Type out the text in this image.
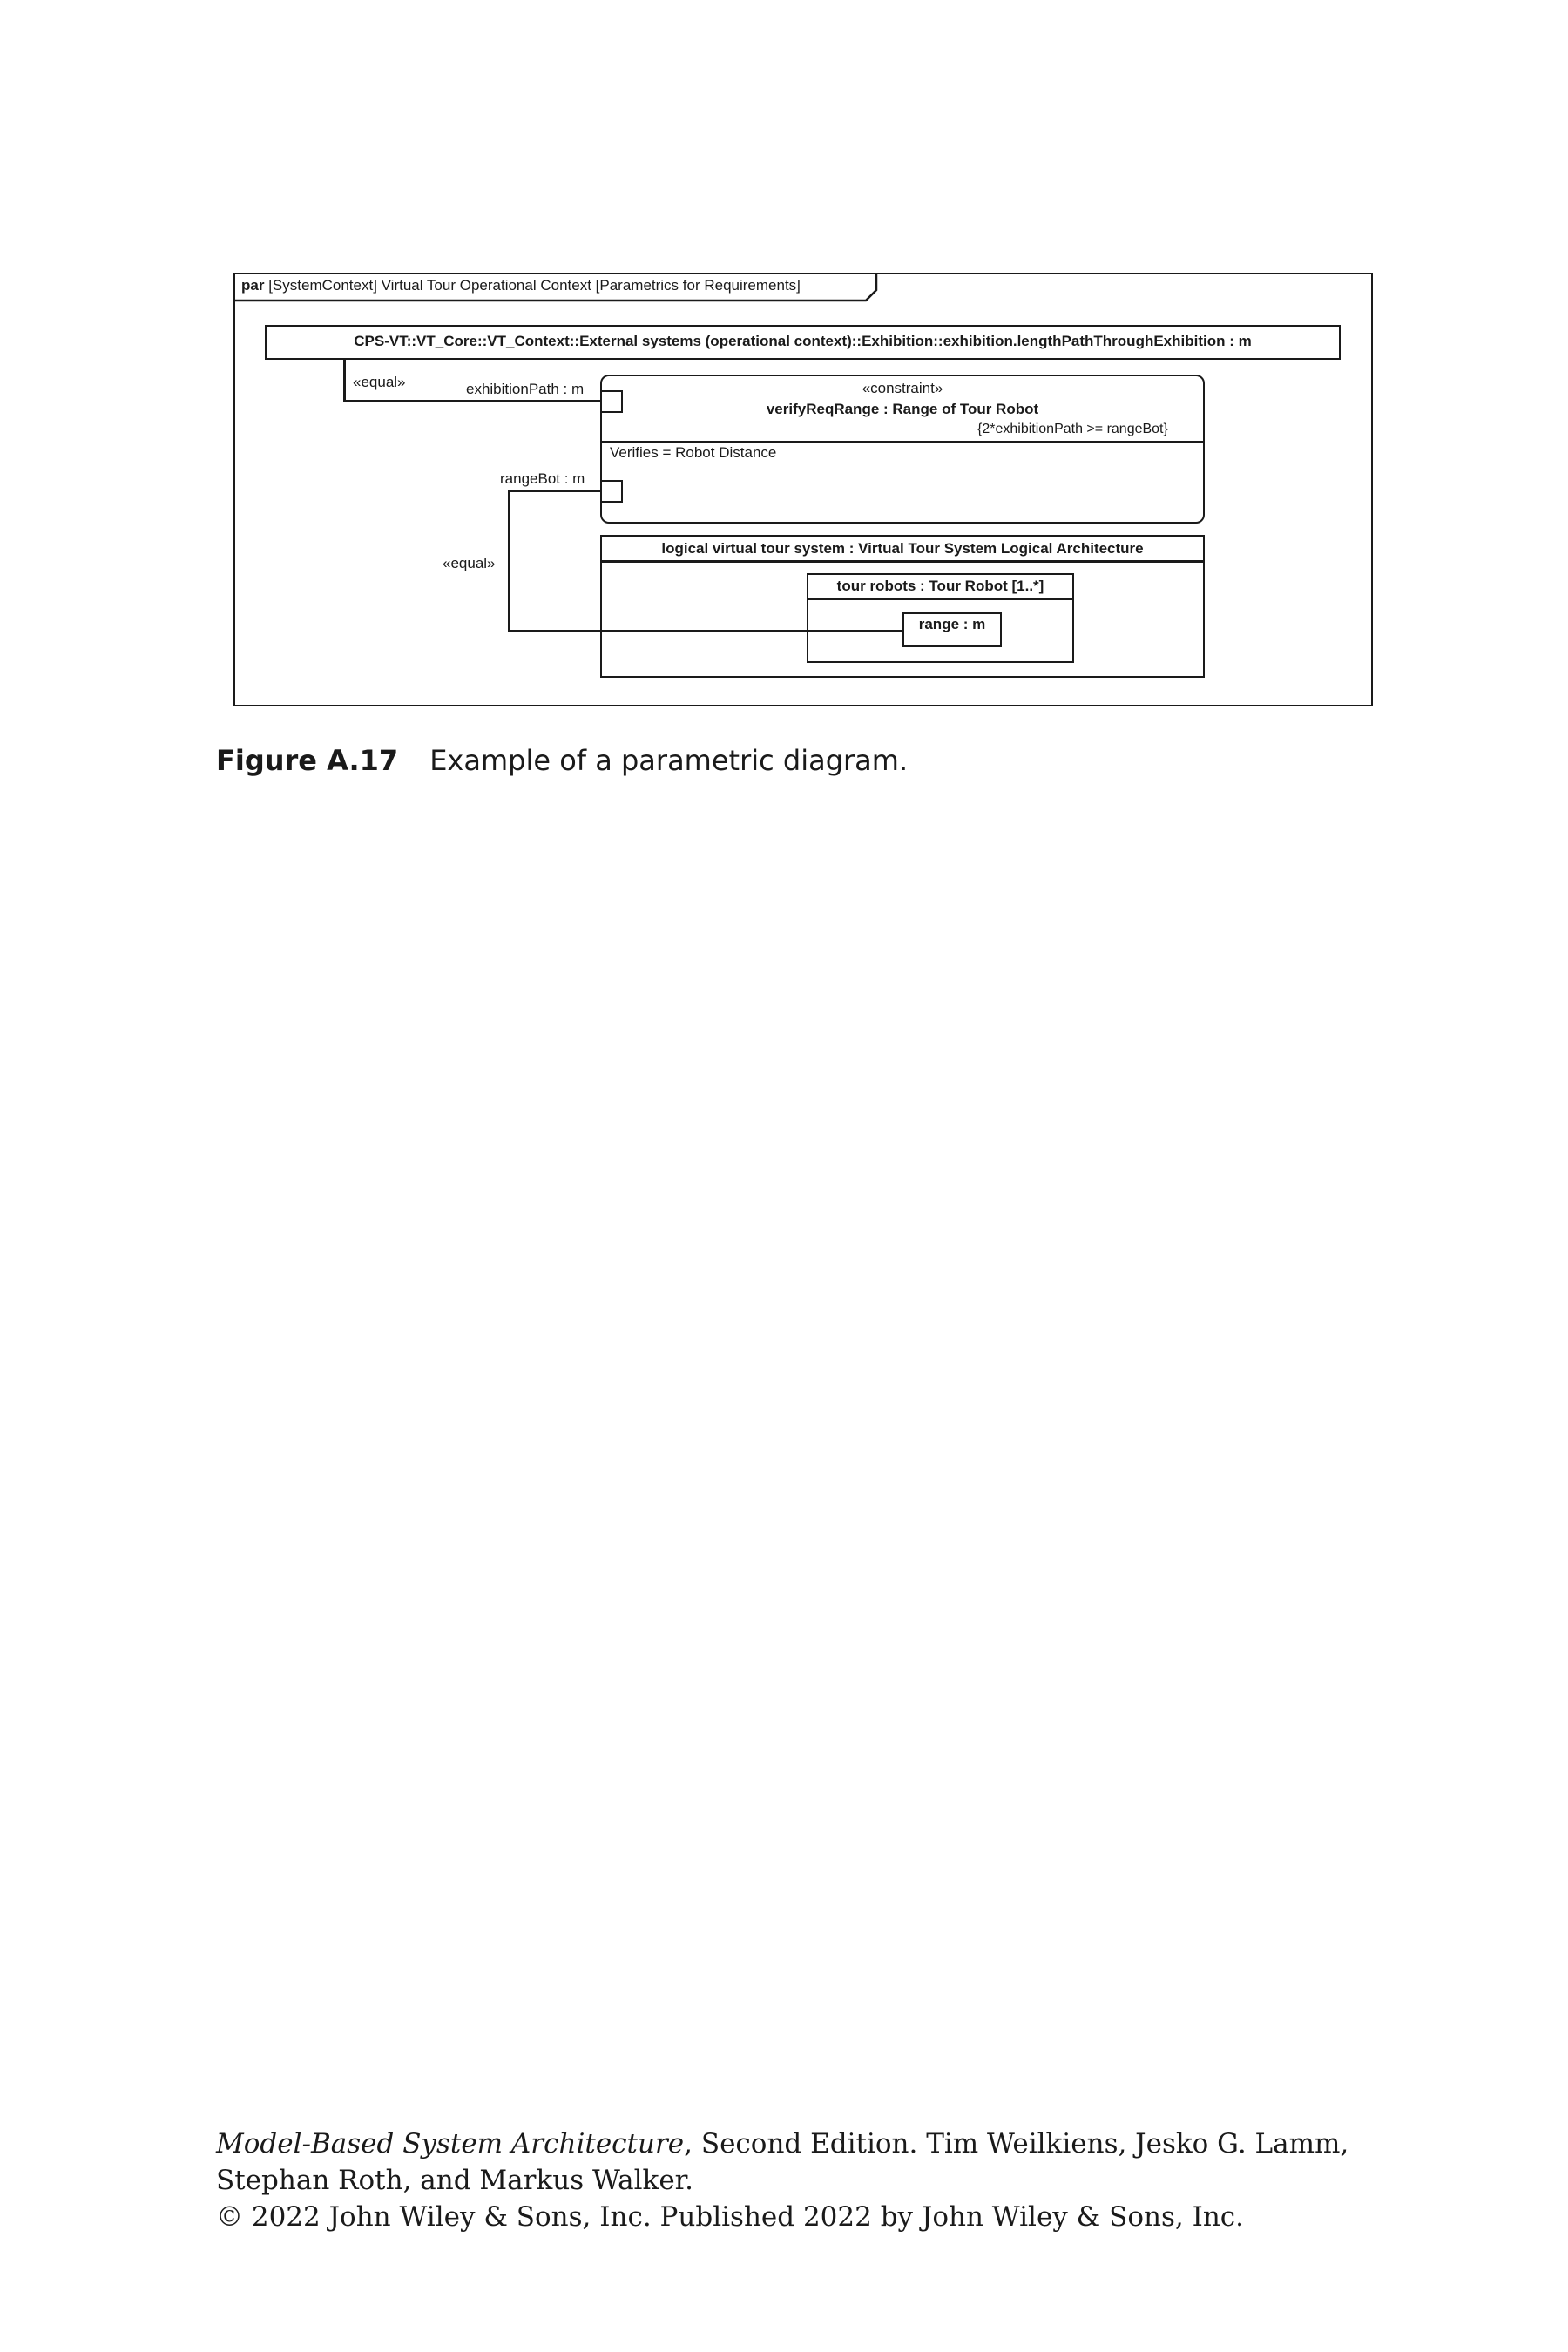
par [SystemContext] Virtual Tour Operational Context [Parametrics for Requirements]
CPS-VT::VT_Core::VT_Context::External systems (operational context)::Exhibition::exhibition.lengthPathThroughExhibition : m
«equal»	exhibitionPath : m	«constraint»
verifyReqRange : Range of Tour Robot
{2*exhibitionPath >= rangeBot}
Verifies = Robot Distance
rangeBot : m
«equal»
logical virtual tour system : Virtual Tour System Logical Architecture
tour robots : Tour Robot [1..*]
range : m
Figure A.17 Example of a parametric diagram.
Model-Based System Architecture, Second Edition. Tim Weilkiens, Jesko G. Lamm,
Stephan Roth, and Markus Walker.
© 2022 John Wiley & Sons, Inc. Published 2022 by John Wiley & Sons, Inc.
